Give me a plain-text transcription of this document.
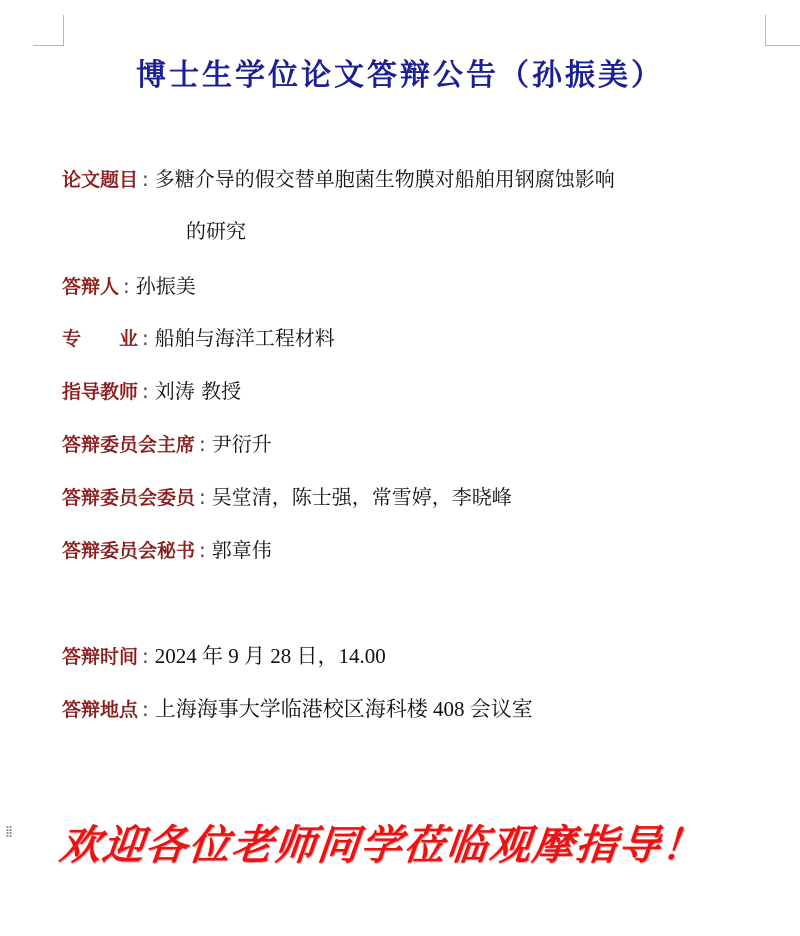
博士生学位论文答辩公告（孙振美）
论文题目 : 多糖介导的假交替单胞菌生物膜对船舶用钢腐蚀影响
的研究
答辩人 : 孙振美
专　　业 : 船舶与海洋工程材料
指导教师 : 刘涛 教授
答辩委员会主席 : 尹衍升
答辩委员会委员 : 吴堂清，陈士强，常雪婷，李晓峰
答辩委员会秘书 : 郭章伟
答辩时间 : 2024 年 9 月 28 日，14.00
答辩地点 : 上海海事大学临港校区海科楼 408 会议室
⁞⁞ 欢迎各位老师同学莅临观摩指导！
